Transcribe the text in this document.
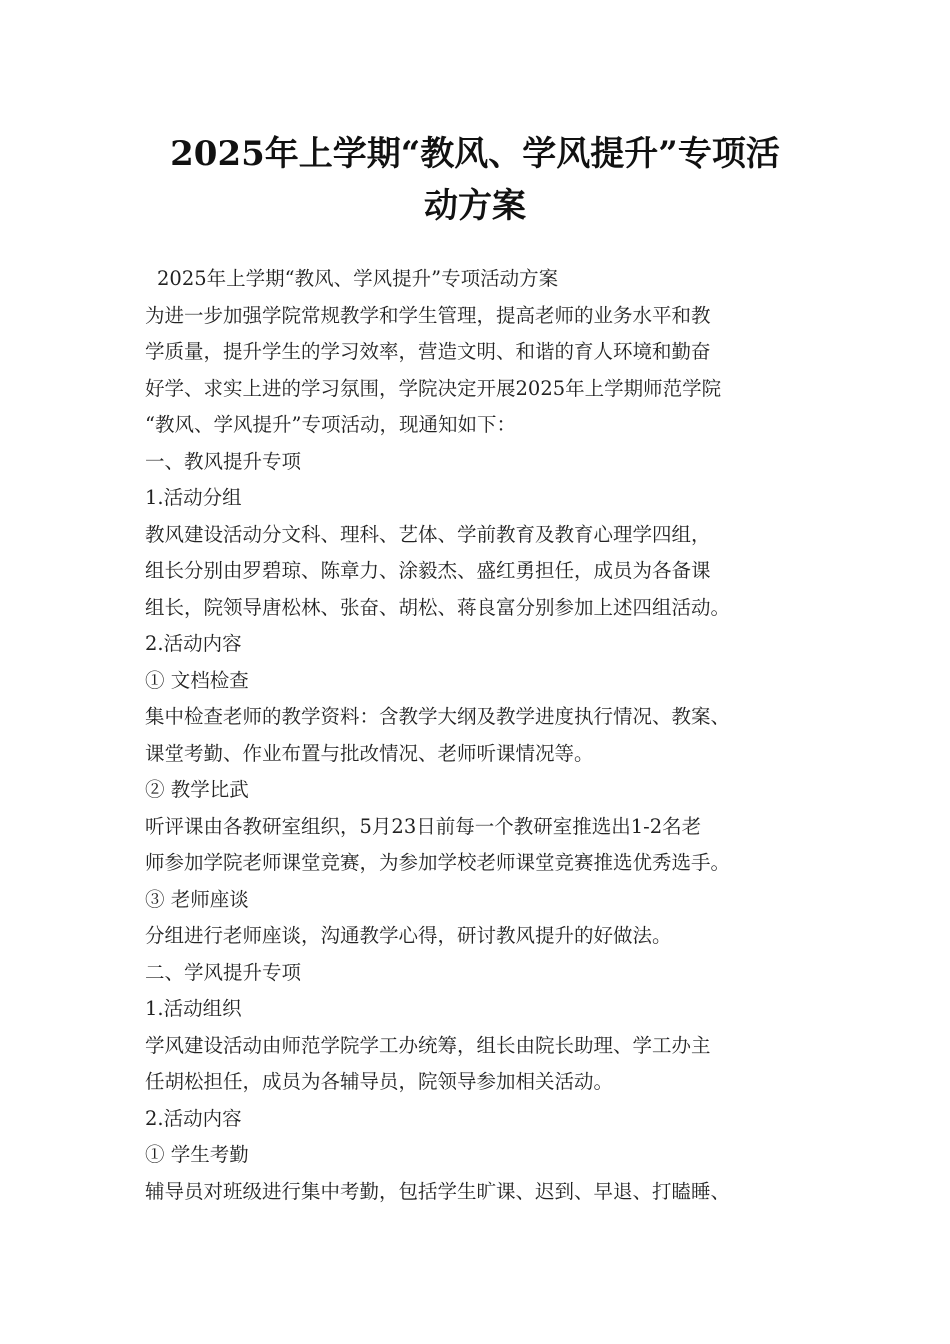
2025年上学期“教风、学风提升”专项活
动方案
2025年上学期“教风、学风提升”专项活动方案
为进一步加强学院常规教学和学生管理，提高老师的业务水平和教
学质量，提升学生的学习效率，营造文明、和谐的育人环境和勤奋
好学、求实上进的学习氛围，学院决定开展2025年上学期师范学院
“教风、学风提升”专项活动，现通知如下：
一、教风提升专项
1.活动分组
教风建设活动分文科、理科、艺体、学前教育及教育心理学四组，
组长分别由罗碧琼、陈章力、涂毅杰、盛红勇担任，成员为各备课
组长，院领导唐松林、张奋、胡松、蒋良富分别参加上述四组活动。
2.活动内容
① 文档检查
集中检查老师的教学资料：含教学大纲及教学进度执行情况、教案、
课堂考勤、作业布置与批改情况、老师听课情况等。
② 教学比武
听评课由各教研室组织，5月23日前每一个教研室推选出1-2名老
师参加学院老师课堂竞赛，为参加学校老师课堂竞赛推选优秀选手。
③ 老师座谈
分组进行老师座谈，沟通教学心得，研讨教风提升的好做法。
二、学风提升专项
1.活动组织
学风建设活动由师范学院学工办统筹，组长由院长助理、学工办主
任胡松担任，成员为各辅导员，院领导参加相关活动。
2.活动内容
① 学生考勤
辅导员对班级进行集中考勤，包括学生旷课、迟到、早退、打瞌睡、
